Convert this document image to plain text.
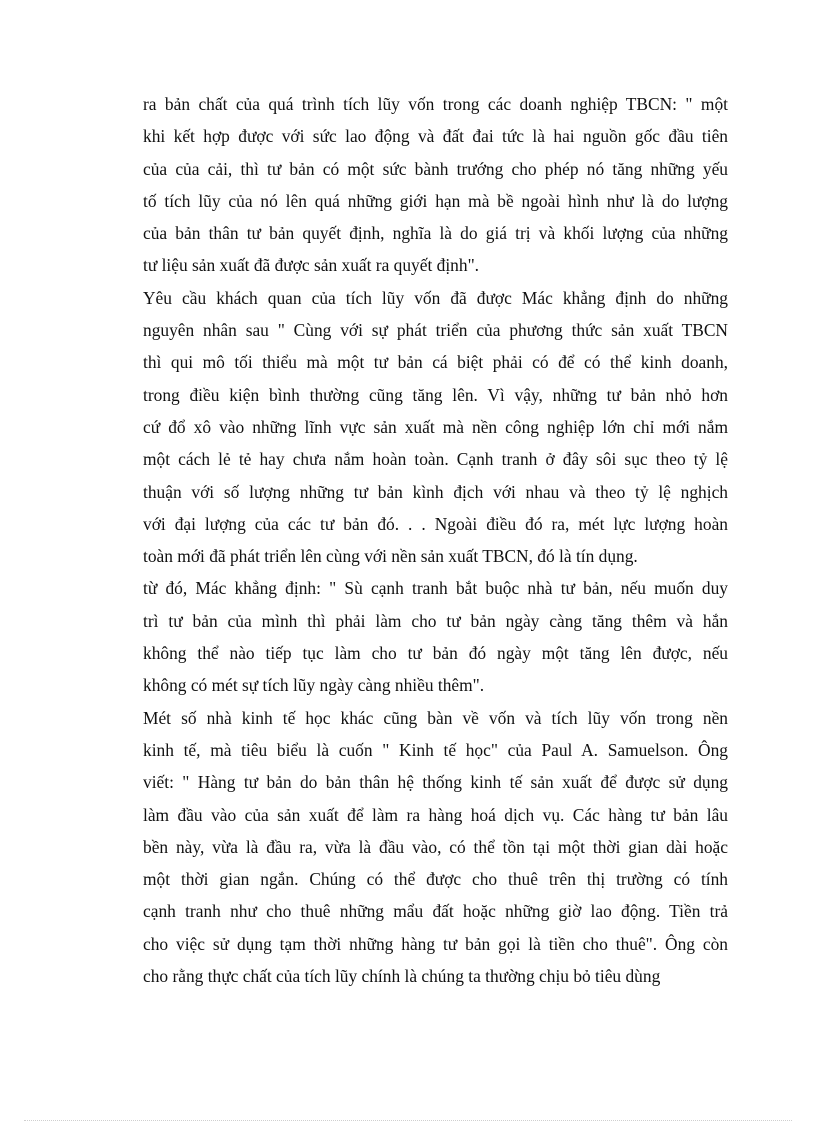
ra bản chất của quá trình tích lũy vốn trong các doanh nghiệp TBCN: " một
khi kết hợp được với sức lao động và đất đai tức là hai nguồn gốc đầu tiên
của của cải, thì tư bản có một sức bành trướng cho phép nó tăng những yếu
tố tích lũy của nó lên quá những giới hạn mà bề ngoài hình như là do lượng
của bản thân tư bản quyết định, nghĩa là do giá trị và khối lượng của những
tư liệu sản xuất đã được sản xuất ra quyết định".

Yêu cầu khách quan của tích lũy vốn đã được Mác khẳng định do những
nguyên nhân sau " Cùng với sự phát triển của phương thức sản xuất TBCN
thì qui mô tối thiểu mà một tư bản cá biệt phải có để có thể kinh doanh,
trong điều kiện bình thường cũng tăng lên. Vì vậy, những tư bản nhỏ hơn
cứ đổ xô vào những lĩnh vực sản xuất mà nền công nghiệp lớn chỉ mới nắm
một cách lẻ tẻ hay chưa nắm hoàn toàn. Cạnh tranh ở đây sôi sục theo tỷ lệ
thuận với số lượng những tư bản kình địch với nhau và theo tỷ lệ nghịch
với đại lượng của các tư bản đó. . . Ngoài điều đó ra, mét lực lượng hoàn
toàn mới đã phát triển lên cùng với nền sản xuất TBCN, đó là tín dụng.

từ đó, Mác khẳng định: " Sù cạnh tranh bắt buộc nhà tư bản, nếu muốn duy
trì tư bản của mình thì phải làm cho tư bản ngày càng tăng thêm và hắn
không thể nào tiếp tục làm cho tư bản đó ngày một tăng lên được, nếu
không có mét sự tích lũy ngày càng nhiều thêm".

Mét số nhà kinh tế học khác cũng bàn về vốn và tích lũy vốn trong nền
kinh tế, mà tiêu biểu là cuốn " Kinh tế học" của Paul A. Samuelson. Ông
viết: " Hàng tư bản do bản thân hệ thống kinh tế sản xuất để được sử dụng
làm đầu vào của sản xuất để làm ra hàng hoá dịch vụ. Các hàng tư bản lâu
bền này, vừa là đầu ra, vừa là đầu vào, có thể tồn tại một thời gian dài hoặc
một thời gian ngắn. Chúng có thể được cho thuê trên thị trường có tính
cạnh tranh như cho thuê những mẩu đất hoặc những giờ lao động. Tiền trả
cho việc sử dụng tạm thời những hàng tư bản gọi là tiền cho thuê". Ông còn
cho rằng thực chất của tích lũy chính là chúng ta thường chịu bỏ tiêu dùng
